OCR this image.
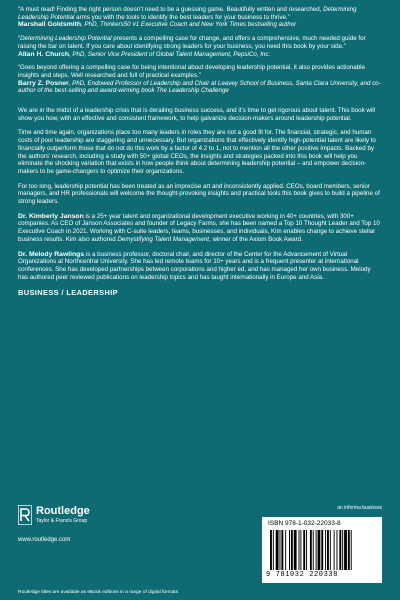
“A must read! Finding the right person doesn’t need to be a guessing game. Beautifully written and researched, Determining Leadership Potential arms you with the tools to identify the best leaders for your business to thrive.”
Marshall Goldsmith, PhD, Thinkers50 #1 Executive Coach and New York Times bestselling author

“Determining Leadership Potential presents a compelling case for change, and offers a comprehensive, much needed guide for raising the bar on talent. If you care about identifying strong leaders for your business, you need this book by your side.”
Allan H. Church, PhD, Senior Vice President of Global Talent Management, PepsiCo, Inc.

“Goes beyond offering a compelling case for being intentional about developing leadership potential, it also provides actionable insights and steps. Well researched and full of practical examples.”
Barry Z. Posner, PhD, Endowed Professor of Leadership and Chair at Leavey School of Business, Santa Clara University, and co-author of the best-selling and award-winning book The Leadership Challenge

We are in the midst of a leadership crisis that is derailing business success, and it’s time to get rigorous about talent. This book will show you how, with an effective and consistent framework, to help galvanize decision-makers around leadership potential.

Time and time again, organizations place too many leaders in roles they are not a good fit for. The financial, strategic, and human costs of poor leadership are staggering and unnecessary. But organizations that effectively identify high-potential talent are likely to financially outperform those that do not do this work by a factor of 4.2 to 1, not to mention all the other positive impacts. Backed by the authors’ research, including a study with 50+ global CEOs, the insights and strategies packed into this book will help you eliminate the shocking variation that exists in how people think about determining leadership potential – and empower decision-makers to be game-changers to optimize their organizations.

For too long, leadership potential has been treated as an imprecise art and inconsistently applied. CEOs, board members, senior managers, and HR professionals will welcome the thought-provoking insights and practical tools this book gives to build a pipeline of strong leaders.

Dr. Kimberly Janson is a 25+ year talent and organizational development executive working in 40+ countries, with 300+ companies. As CEO of Janson Associates and founder of Legacy Farms, she has been named a Top 10 Thought Leader and Top 10 Executive Coach in 2021. Working with C-suite leaders, teams, businesses, and individuals, Kim enables change to achieve stellar business results. Kim also authored Demystifying Talent Management, winner of the Axiom Book Award.

Dr. Melody Rawlings is a business professor, doctoral chair, and director of the Center for the Advancement of Virtual Organizations at Northcentral University. She has led remote teams for 10+ years and is a frequent presenter at international conferences. She has developed partnerships between corporations and higher ed, and has managed her own business. Melody has authored peer reviewed publications on leadership topics and has taught internationally in Europe and Asia.

BUSINESS / LEADERSHIP
Routledge
Taylor & Francis Group
www.routledge.com
an informa business
ISBN 978-1-032-22033-8
9 781032 220338
Routledge titles are available as eBook editions in a range of digital formats
